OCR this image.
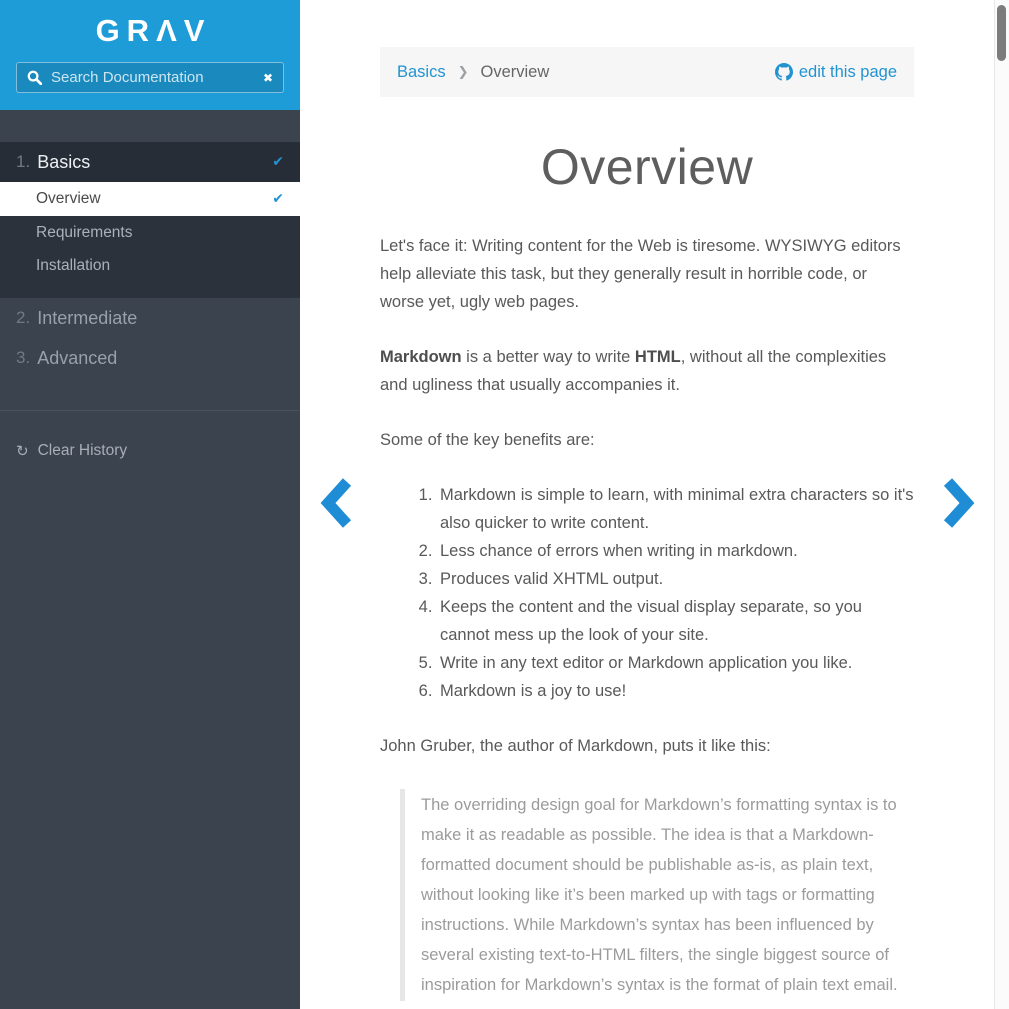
GRΛV
Search Documentation
✖
1. Basics	✔
Overview	✔
Requirements
Installation
2. Intermediate
3. Advanced
↺ Clear History
Basics ❯ Overview	edit this page
Overview

Let's face it: Writing content for the Web is tiresome. WYSIWYG editors help alleviate this task, but they generally result in horrible code, or worse yet, ugly web pages.

Markdown is a better way to write HTML, without all the complexities and ugliness that usually accompanies it.

Some of the key benefits are:

1. Markdown is simple to learn, with minimal extra characters so it's also quicker to write content.
2. Less chance of errors when writing in markdown.
3. Produces valid XHTML output.
4. Keeps the content and the visual display separate, so you cannot mess up the look of your site.
5. Write in any text editor or Markdown application you like.
6. Markdown is a joy to use!

John Gruber, the author of Markdown, puts it like this:

The overriding design goal for Markdown’s formatting syntax is to make it as readable as possible. The idea is that a Markdown-formatted document should be publishable as-is, as plain text, without looking like it’s been marked up with tags or formatting instructions. While Markdown’s syntax has been influenced by several existing text-to-HTML filters, the single biggest source of inspiration for Markdown’s syntax is the format of plain text email.
